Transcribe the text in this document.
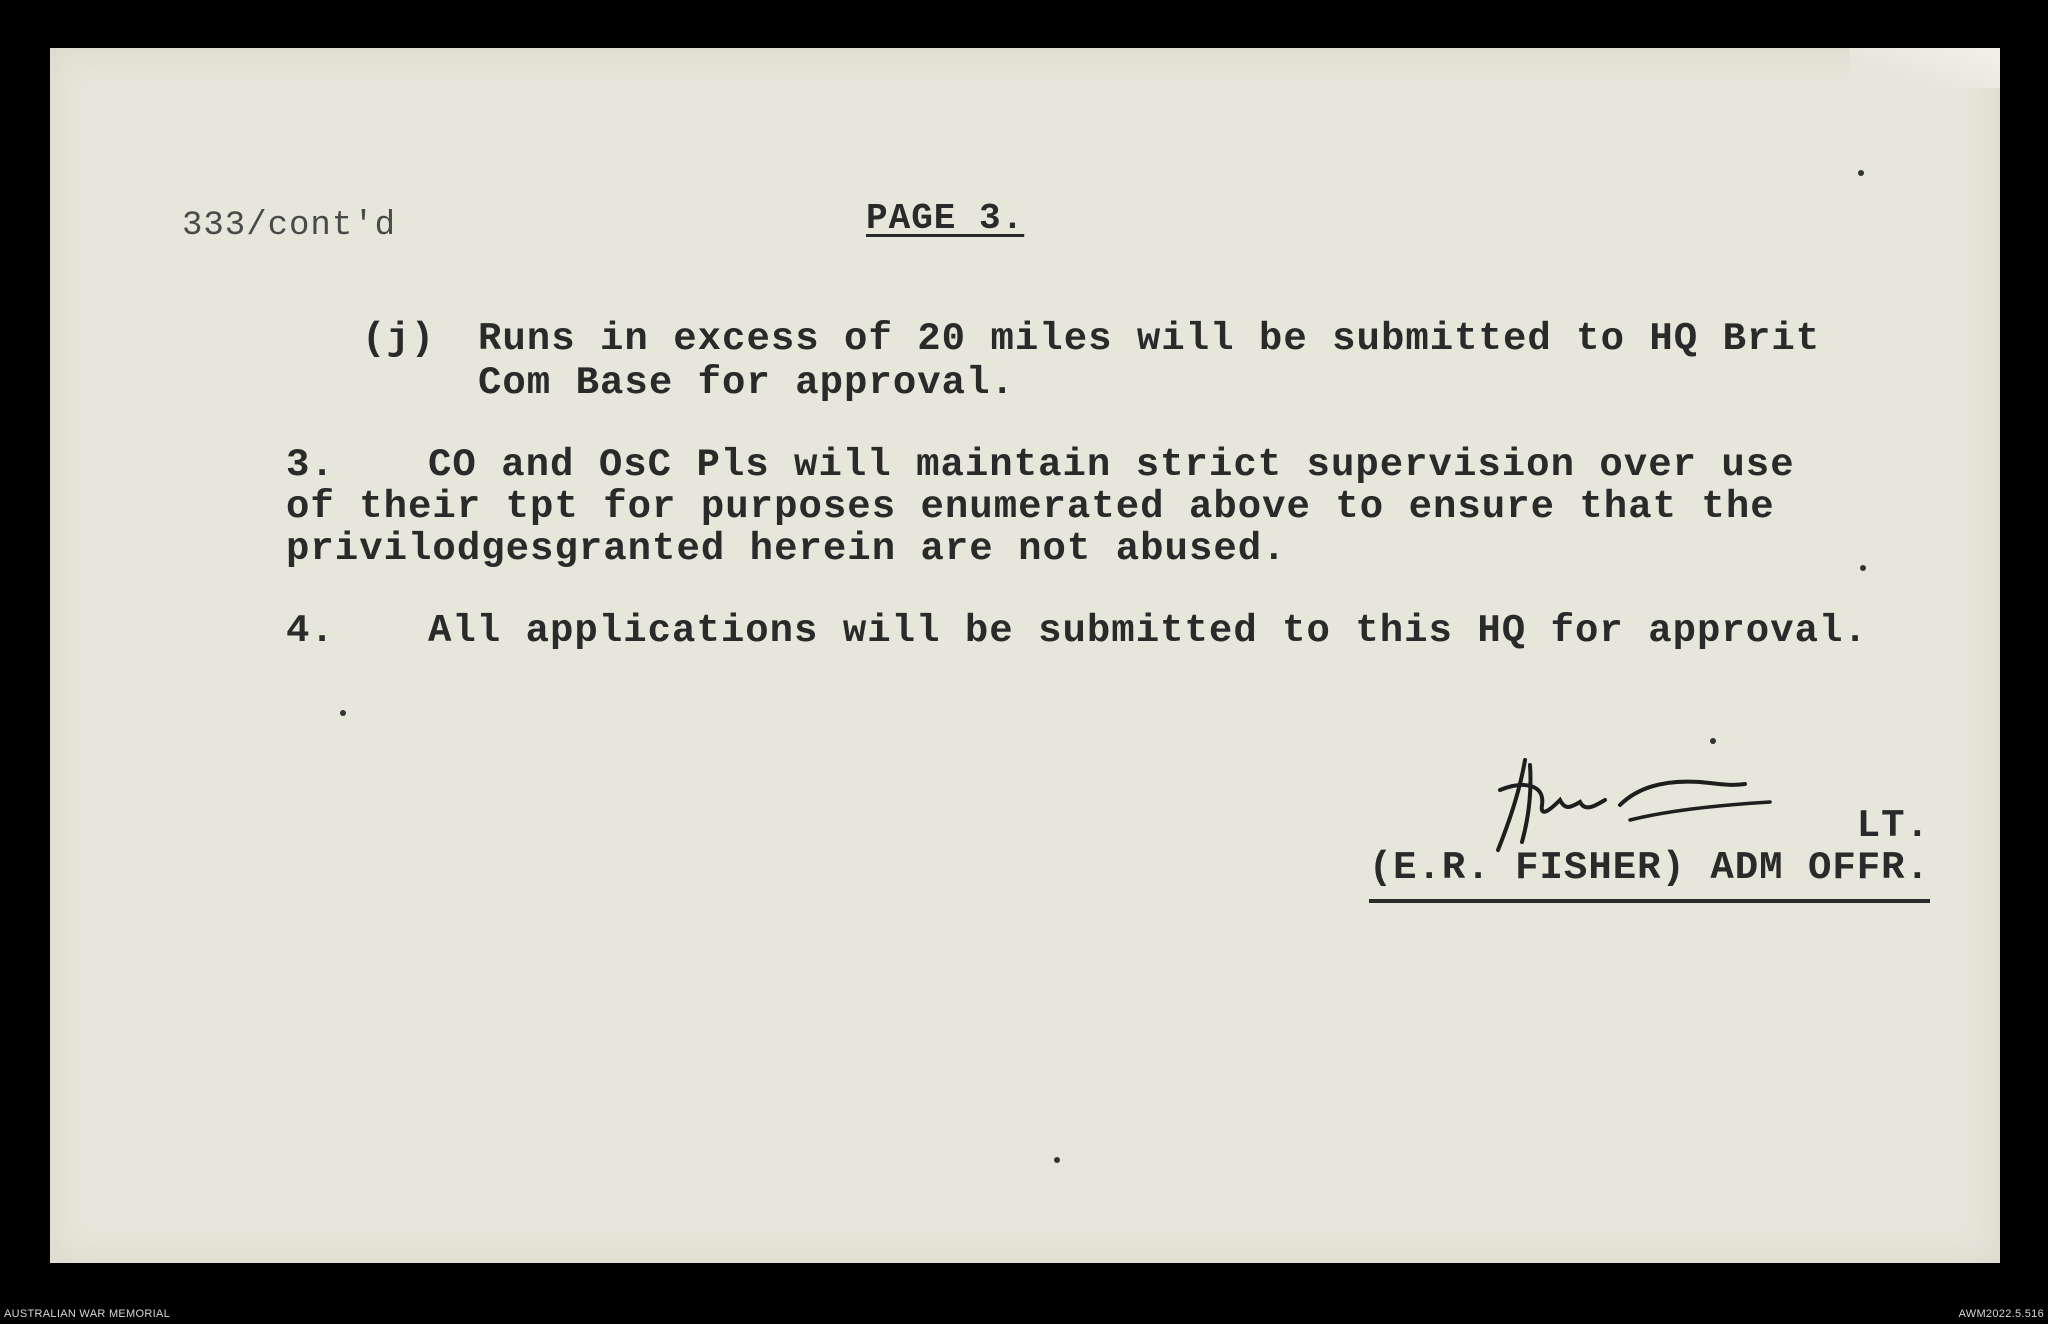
333/cont'd	PAGE 3.
(j) Runs in excess of 20 miles will be submitted to HQ Brit
Com Base for approval.
3. CO and OsC Pls will maintain strict supervision over use
of their tpt for purposes enumerated above to ensure that the
privilodgesgranted herein are not abused.
4. All applications will be submitted to this HQ for approval.
LT.
(E.R. FISHER) ADM OFFR.
AUSTRALIAN WAR MEMORIAL	AWM2022.5.516
